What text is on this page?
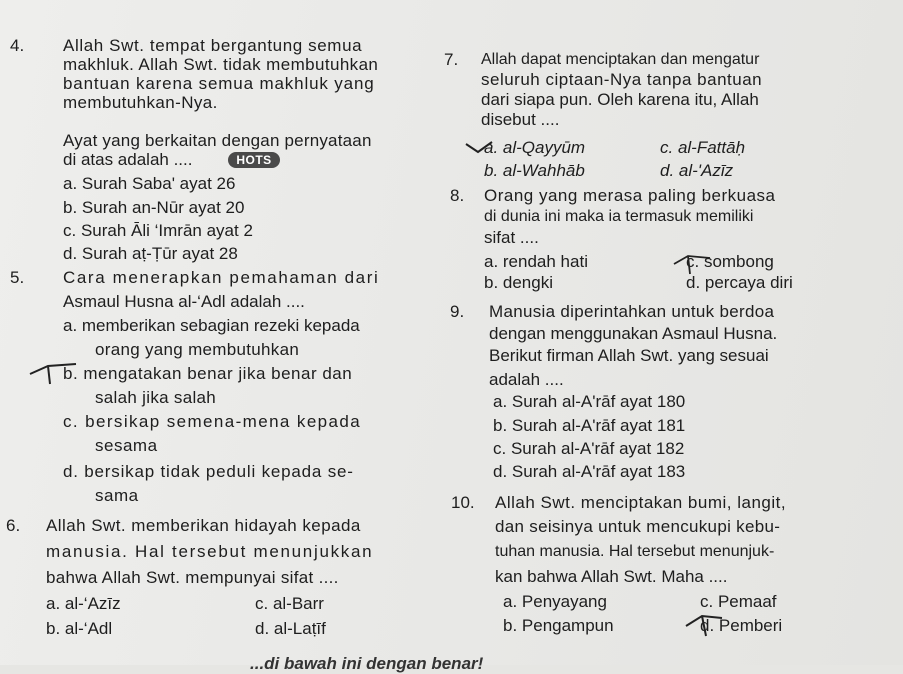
4. Allah Swt. tempat bergantung semua
makhluk. Allah Swt. tidak membutuhkan
bantuan karena semua makhluk yang
membutuhkan-Nya.
Ayat yang berkaitan dengan pernyataan
di atas adalah ....	HOTS
a. Surah Saba' ayat 26
b. Surah an-Nūr ayat 20
c. Surah Āli ‘Imrān ayat 2
d. Surah aṭ-Ṭūr ayat 28
5. Cara menerapkan pemahaman dari
Asmaul Husna al-‘Adl adalah ....
a. memberikan sebagian rezeki kepada
orang yang membutuhkan
b. mengatakan benar jika benar dan
salah jika salah
c. bersikap semena-mena kepada
sesama
d. bersikap tidak peduli kepada se-
sama
6. Allah Swt. memberikan hidayah kepada
manusia. Hal tersebut menunjukkan
bahwa Allah Swt. mempunyai sifat ....
a. al-‘Azīz
b. al-‘Adl
c. al-Barr
d. al-Laṭīf
7. Allah dapat menciptakan dan mengatur
seluruh ciptaan-Nya tanpa bantuan
dari siapa pun. Oleh karena itu, Allah
disebut ....
a. al-Qayyūm
b. al-Wahhāb
c. al-Fattāḥ
d. al-'Azīz
8. Orang yang merasa paling berkuasa
di dunia ini maka ia termasuk memiliki
sifat ....
a. rendah hati
b. dengki
c. sombong
d. percaya diri
9. Manusia diperintahkan untuk berdoa
dengan menggunakan Asmaul Husna.
Berikut firman Allah Swt. yang sesuai
adalah ....
a. Surah al-A'rāf ayat 180
b. Surah al-A'rāf ayat 181
c. Surah al-A'rāf ayat 182
d. Surah al-A'rāf ayat 183
10. Allah Swt. menciptakan bumi, langit,
dan seisinya untuk mencukupi kebu-
tuhan manusia. Hal tersebut menunjuk-
kan bahwa Allah Swt. Maha ....
a. Penyayang
b. Pengampun
c. Pemaaf
d. Pemberi
...di bawah ini dengan benar!
